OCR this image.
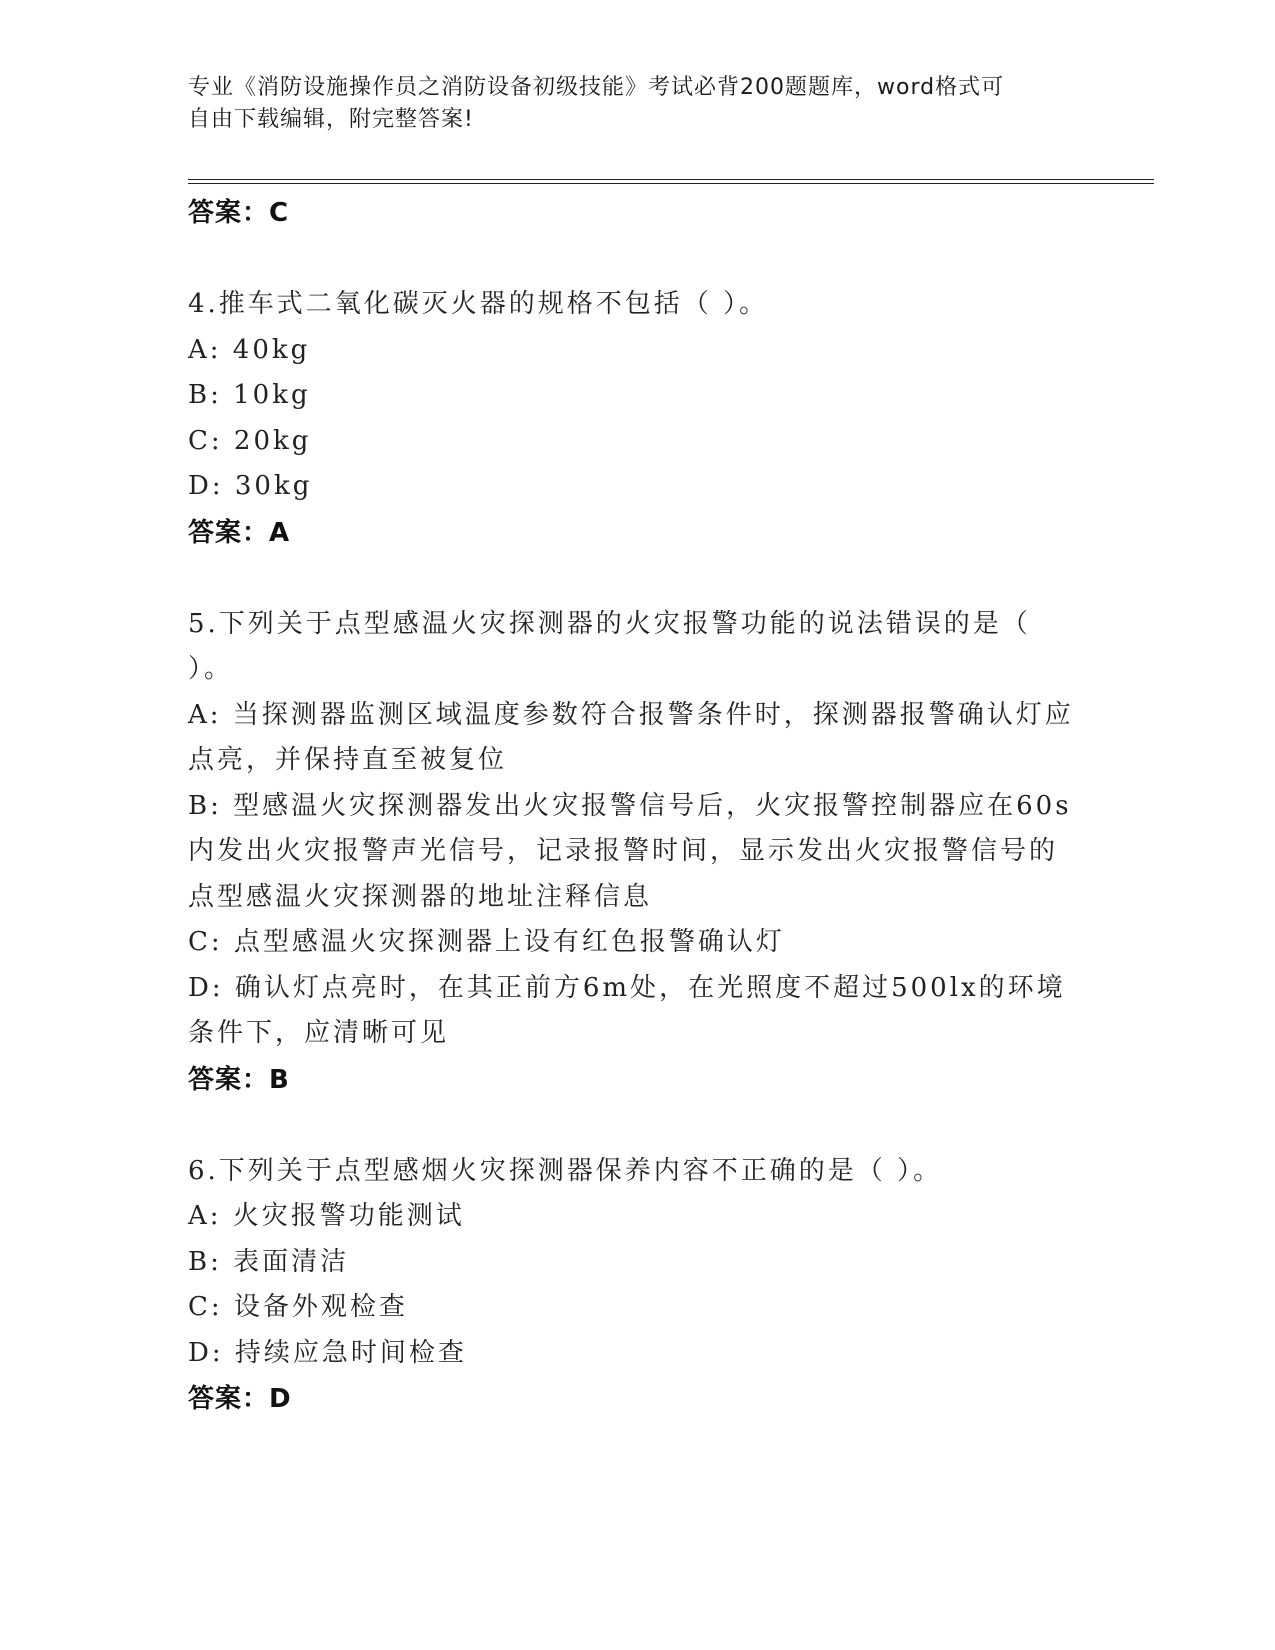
专业《消防设施操作员之消防设备初级技能》考试必背200题题库，word格式可
自由下载编辑，附完整答案!
答案：C
4.推车式二氧化碳灭火器的规格不包括（ ）。
A: 40kg
B: 10kg
C: 20kg
D: 30kg
答案：A
5.下列关于点型感温火灾探测器的火灾报警功能的说法错误的是（
）。
A: 当探测器监测区域温度参数符合报警条件时，探测器报警确认灯应
点亮，并保持直至被复位
B: 型感温火灾探测器发出火灾报警信号后，火灾报警控制器应在60s
内发出火灾报警声光信号，记录报警时间，显示发出火灾报警信号的
点型感温火灾探测器的地址注释信息
C: 点型感温火灾探测器上设有红色报警确认灯
D: 确认灯点亮时，在其正前方6m处，在光照度不超过500lx的环境
条件下，应清晰可见
答案：B
6.下列关于点型感烟火灾探测器保养内容不正确的是（ ）。
A: 火灾报警功能测试
B: 表面清洁
C: 设备外观检查
D: 持续应急时间检查
答案：D
